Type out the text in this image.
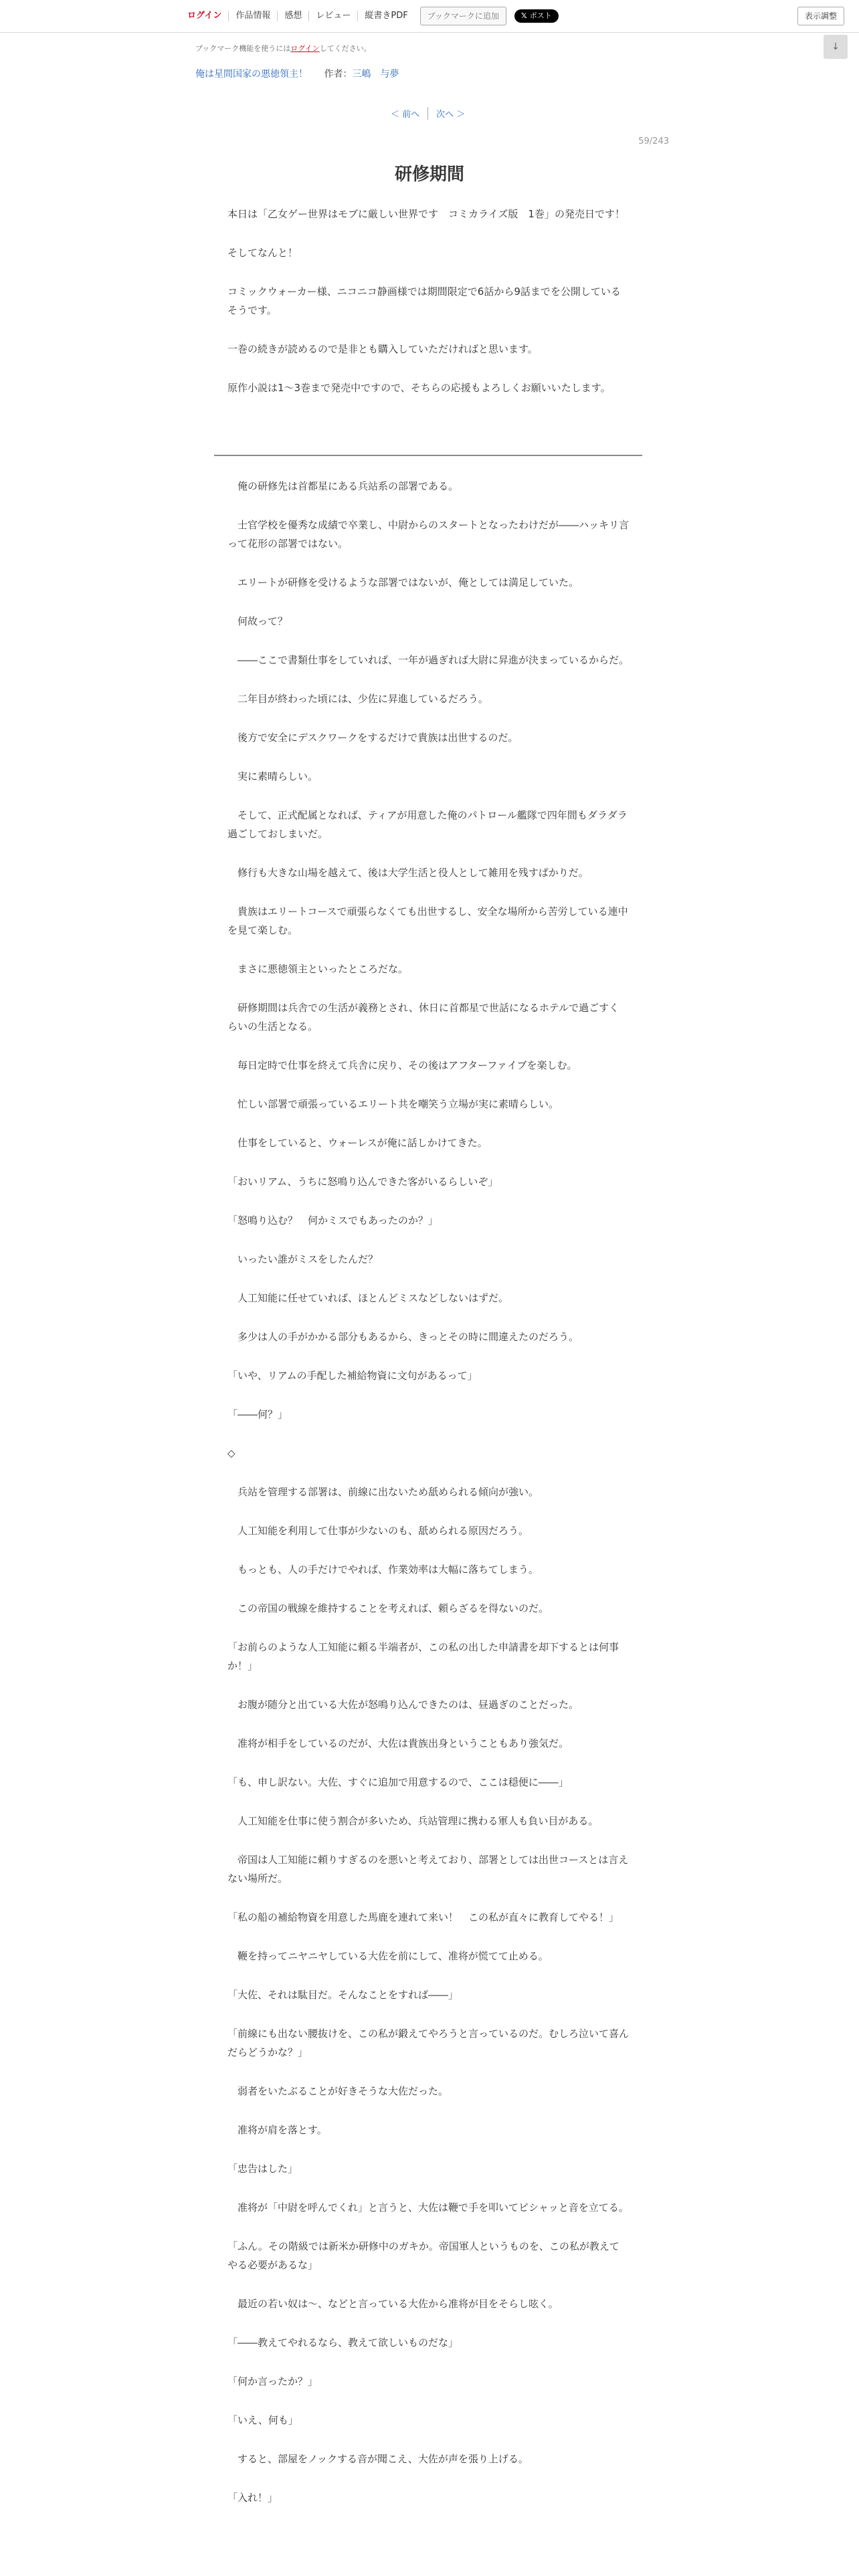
ログイン	作品情報	感想	レビュー	縦書きPDF	ブックマークに追加	𝕏 ポスト	表示調整
ブックマーク機能を使うにはログインしてください。	↓
俺は星間国家の悪徳領主！ 作者：三嶋　与夢
＜ 前へ	次へ ＞
59/243
研修期間

本日は「乙女ゲー世界はモブに厳しい世界です　コミカライズ版　1巻」の発売日です！

そしてなんと！

コミックウォーカー様、ニコニコ静画様では期間限定で6話から9話までを公開しているそうです。

一巻の続きが読めるので是非とも購入していただければと思います。

原作小説は1～3巻まで発売中ですので、そちらの応援もよろしくお願いいたします。

　俺の研修先は首都星にある兵站系の部署である。

　士官学校を優秀な成績で卒業し、中尉からのスタートとなったわけだが――ハッキリ言って花形の部署ではない。

　エリートが研修を受けるような部署ではないが、俺としては満足していた。

　何故って？

　――ここで書類仕事をしていれば、一年が過ぎれば大尉に昇進が決まっているからだ。

　二年目が終わった頃には、少佐に昇進しているだろう。

　後方で安全にデスクワークをするだけで貴族は出世するのだ。

　実に素晴らしい。

　そして、正式配属となれば、ティアが用意した俺のパトロール艦隊で四年間もダラダラ過ごしておしまいだ。

　修行も大きな山場を越えて、後は大学生活と役人として雑用を残すばかりだ。

　貴族はエリートコースで頑張らなくても出世するし、安全な場所から苦労している連中を見て楽しむ。

　まさに悪徳領主といったところだな。

　研修期間は兵舎での生活が義務とされ、休日に首都星で世話になるホテルで過ごすくらいの生活となる。

　毎日定時で仕事を終えて兵舎に戻り、その後はアフターファイブを楽しむ。

　忙しい部署で頑張っているエリート共を嘲笑う立場が実に素晴らしい。

　仕事をしていると、ウォーレスが俺に話しかけてきた。

「おいリアム、うちに怒鳴り込んできた客がいるらしいぞ」

「怒鳴り込む？　何かミスでもあったのか？」

　いったい誰がミスをしたんだ？

　人工知能に任せていれば、ほとんどミスなどしないはずだ。

　多少は人の手がかかる部分もあるから、きっとその時に間違えたのだろう。

「いや、リアムの手配した補給物資に文句があるって」

「――何？」

◇

　兵站を管理する部署は、前線に出ないため舐められる傾向が強い。

　人工知能を利用して仕事が少ないのも、舐められる原因だろう。

　もっとも、人の手だけでやれば、作業効率は大幅に落ちてしまう。

　この帝国の戦線を維持することを考えれば、頼らざるを得ないのだ。

「お前らのような人工知能に頼る半端者が、この私の出した申請書を却下するとは何事か！」

　お腹が随分と出ている大佐が怒鳴り込んできたのは、昼過ぎのことだった。

　准将が相手をしているのだが、大佐は貴族出身ということもあり強気だ。

「も、申し訳ない。大佐、すぐに追加で用意するので、ここは穏便に――」

　人工知能を仕事に使う割合が多いため、兵站管理に携わる軍人も負い目がある。

　帝国は人工知能に頼りすぎるのを悪いと考えており、部署としては出世コースとは言えない場所だ。

「私の船の補給物資を用意した馬鹿を連れて来い！　この私が直々に教育してやる！」

　鞭を持ってニヤニヤしている大佐を前にして、准将が慌てて止める。

「大佐、それは駄目だ。そんなことをすれば――」

「前線にも出ない腰抜けを、この私が鍛えてやろうと言っているのだ。むしろ泣いて喜んだらどうかな？」

　弱者をいたぶることが好きそうな大佐だった。

　准将が肩を落とす。

「忠告はした」

　准将が「中尉を呼んでくれ」と言うと、大佐は鞭で手を叩いてピシャッと音を立てる。

「ふん。その階級では新米か研修中のガキか。帝国軍人というものを、この私が教えてやる必要があるな」

　最近の若い奴は～、などと言っている大佐から准将が目をそらし呟く。

「――教えてやれるなら、教えて欲しいものだな」

「何か言ったか？」

「いえ、何も」

　すると、部屋をノックする音が聞こえ、大佐が声を張り上げる。

「入れ！」
